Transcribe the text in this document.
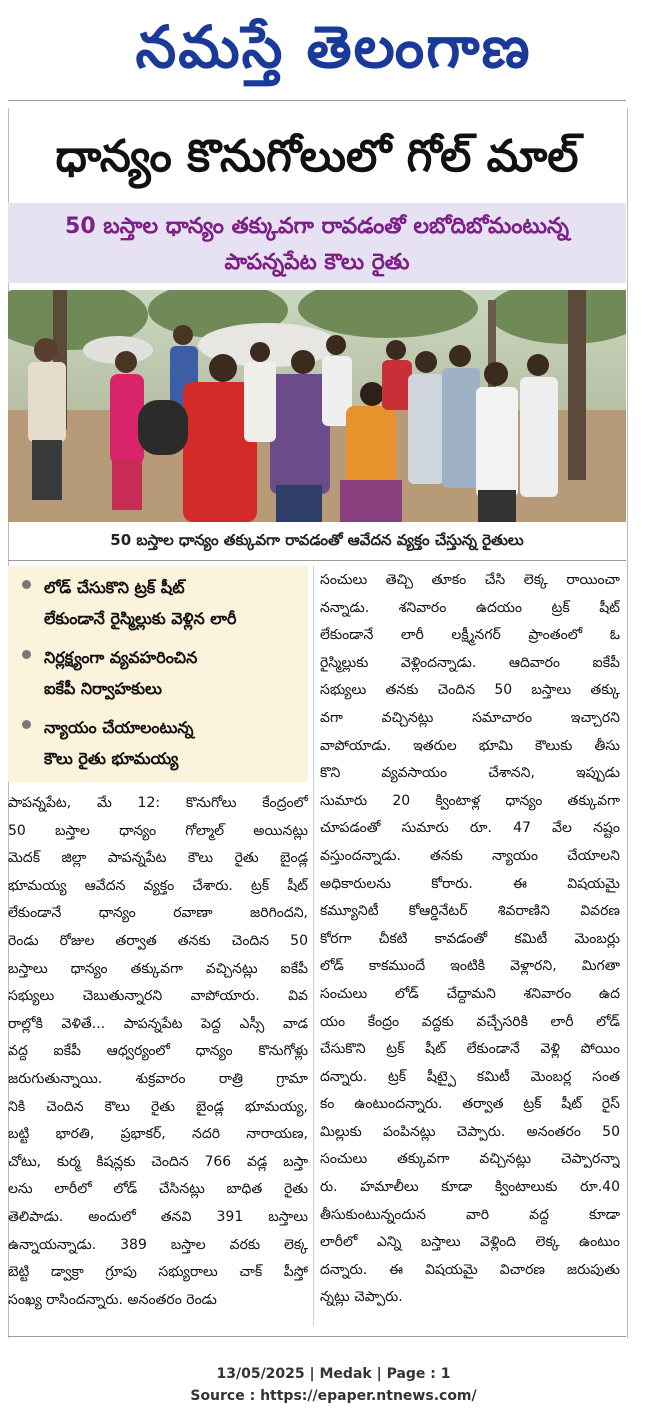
నమస్తే తెలంగాణ
ధాన్యం కొనుగోలులో గోల్ మాల్
50 బస్తాల ధాన్యం తక్కువగా రావడంతో లబోదిబోమంటున్న
పాపన్నపేట కౌలు రైతు
50 బస్తాల ధాన్యం తక్కువగా రావడంతో ఆవేదన వ్యక్తం చేస్తున్న రైతులు
లోడ్ చేసుకొని ట్రక్ షీట్
లేకుండానే రైస్మిల్లుకు వెళ్లిన లారీ
నిర్లక్ష్యంగా వ్యవహరించిన
ఐకేపీ నిర్వాహకులు
న్యాయం చేయాలంటున్న
కౌలు రైతు భూమయ్య
పాపన్నపేట, మే 12: కొనుగోలు కేంద్రంలో
50 బస్తాల ధాన్యం గోల్మాల్ అయినట్లు
మెదక్ జిల్లా పాపన్నపేట కౌలు రైతు బైండ్ల
భూమయ్య ఆవేదన వ్యక్తం చేశారు. ట్రక్ షీట్
లేకుండానే ధాన్యం రవాణా జరిగిందని,
రెండు రోజుల తర్వాత తనకు చెందిన 50
బస్తాలు ధాన్యం తక్కువగా వచ్చినట్లు ఐకేపీ
సభ్యులు చెబుతున్నారని వాపోయారు. వివ
రాల్లోకి వెళితే... పాపన్నపేట పెద్ద ఎస్సీ వాడ
వద్ద ఐకేపీ ఆధ్వర్యంలో ధాన్యం కొనుగోళ్లు
జరుగుతున్నాయి. శుక్రవారం రాత్రి గ్రామా
నికి చెందిన కౌలు రైతు బైండ్ల భూమయ్య,
బట్టి భారతి, ప్రభాకర్, నదరి నారాయణ,
చోటు, కుర్మ కిషన్లకు చెందిన 766 వడ్ల బస్తా
లను లారీలో లోడ్ చేసినట్లు బాధిత రైతు
తెలిపాడు. అందులో తనవి 391 బస్తాలు
ఉన్నాయన్నాడు. 389 బస్తాల వరకు లెక్క
బెట్టి డ్వాక్రా గ్రూపు సభ్యురాలు చాక్ పీస్తో
సంఖ్య రాసిందన్నారు. అనంతరం రెండు
సంచులు తెచ్చి తూకం చేసి లెక్క రాయించా
నన్నాడు. శనివారం ఉదయం ట్రక్ షీట్
లేకుండానే లారీ లక్ష్మీనగర్ ప్రాంతంలో ఓ
రైస్మిల్లుకు వెళ్లిందన్నాడు. ఆదివారం ఐకేపీ
సభ్యులు తనకు చెందిన 50 బస్తాలు తక్కు
వగా వచ్చినట్లు సమాచారం ఇచ్చారని
వాపోయాడు. ఇతరుల భూమి కౌలుకు తీసు
కొని వ్యవసాయం చేశానని, ఇప్పుడు
సుమారు 20 క్వింటాళ్ల ధాన్యం తక్కువగా
చూపడంతో సుమారు రూ. 47 వేల నష్టం
వస్తుందన్నాడు. తనకు న్యాయం చేయాలని
అధికారులను కోరారు. ఈ విషయమై
కమ్యూనిటీ కోఆర్డినేటర్ శివరాణిని వివరణ
కోరగా చీకటి కావడంతో కమిటీ మెంబర్లు
లోడ్ కాకముందే ఇంటికి వెళ్లారని, మిగతా
సంచులు లోడ్ చేద్దామని శనివారం ఉద
యం కేంద్రం వద్దకు వచ్చేసరికి లారీ లోడ్
చేసుకొని ట్రక్ షీట్ లేకుండానే వెళ్లి పోయిం
దన్నారు. ట్రక్ షీట్పై కమిటీ మెంబర్ల సంత
కం ఉంటుందన్నారు. తర్వాత ట్రక్ షీట్ రైస్
మిల్లుకు పంపినట్లు చెప్పారు. అనంతరం 50
సంచులు తక్కువగా వచ్చినట్లు చెప్పారన్నా
రు. హమాలీలు కూడా క్వింటాలుకు రూ.40
తీసుకుంటున్నందున వారి వద్ద కూడా
లారీలో ఎన్ని బస్తాలు వెళ్లింది లెక్క ఉంటుం
దన్నారు. ఈ విషయమై విచారణ జరుపుతు
న్నట్లు చెప్పారు.
13/05/2025 | Medak | Page : 1
Source : https://epaper.ntnews.com/
